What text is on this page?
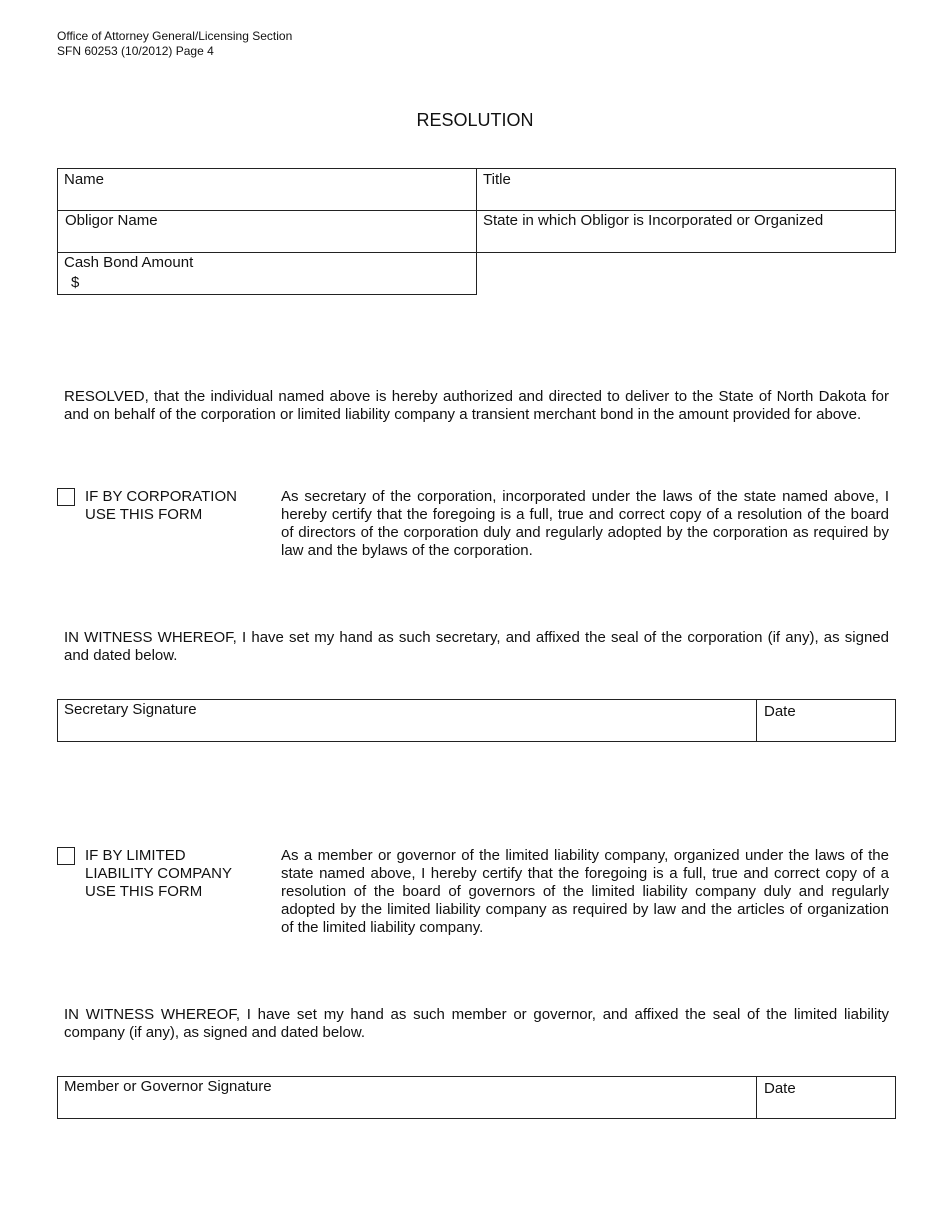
Office of Attorney General/Licensing Section
SFN 60253 (10/2012) Page 4
RESOLUTION
Name	Title
Obligor Name	State in which Obligor is Incorporated or Organized
Cash Bond Amount
$
RESOLVED, that the individual named above is hereby authorized and directed to deliver to the State of North Dakota for and on behalf of the corporation or limited liability company a transient merchant bond in the amount provided for above.
IF BY CORPORATION
USE THIS FORM
As secretary of the corporation, incorporated under the laws of the state named above, I hereby certify that the foregoing is a full, true and correct copy of a resolution of the board of directors of the corporation duly and regularly adopted by the corporation as required by law and the bylaws of the corporation.
IN WITNESS WHEREOF, I have set my hand as such secretary, and affixed the seal of the corporation (if any), as signed and dated below.
Secretary Signature	Date
IF BY LIMITED
LIABILITY COMPANY
USE THIS FORM
As a member or governor of the limited liability company, organized under the laws of the state named above, I hereby certify that the foregoing is a full, true and correct copy of a resolution of the board of governors of the limited liability company duly and regularly adopted by the limited liability company as required by law and the articles of organization of the limited liability company.
IN WITNESS WHEREOF, I have set my hand as such member or governor, and affixed the seal of the limited liability company (if any), as signed and dated below.
Member or Governor Signature	Date
